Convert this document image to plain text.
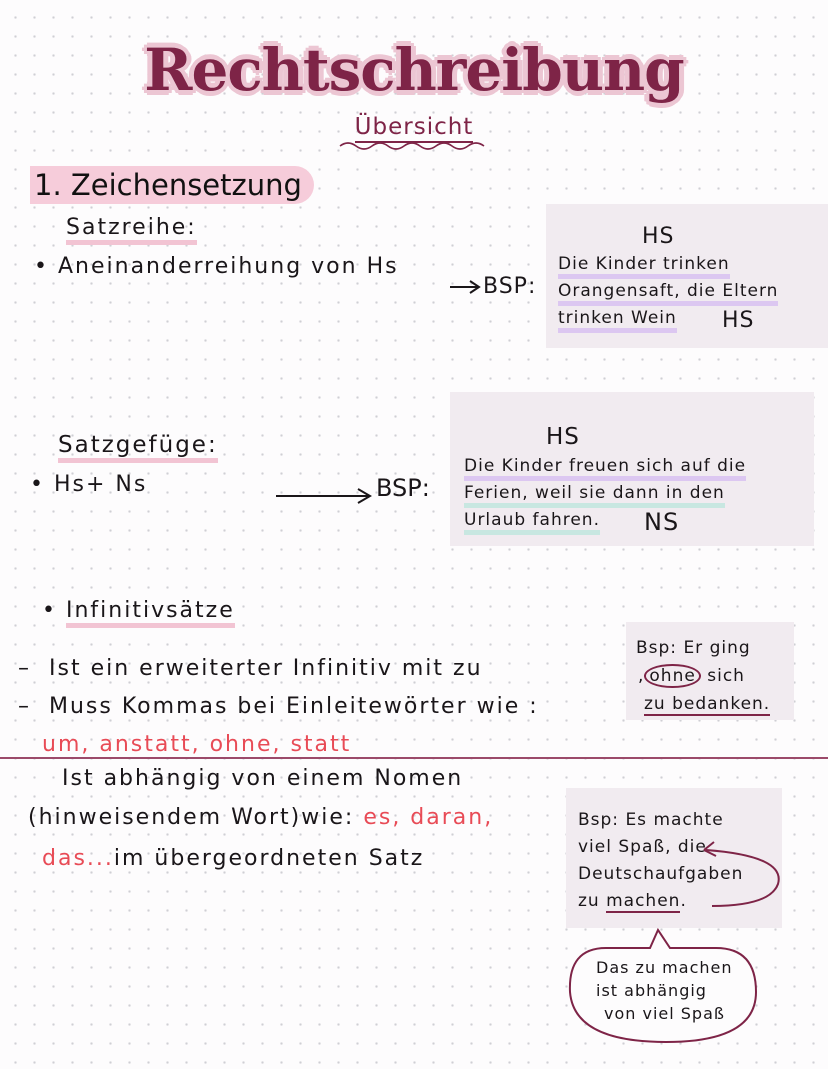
Rechtschreibung
Übersicht
1. Zeichensetzung
Satzreihe:
• Aneinanderreihung von Hs
BSP:
HS
Die Kinder trinken
Orangensaft, die Eltern
trinken Wein HS
Satzgefüge:
• Hs+ Ns	BSP:
HS
Die Kinder freuen sich auf die
Ferien, weil sie dann in den
Urlaub fahren. NS
• Infinitivsätze
–  Ist ein erweiterter Infinitiv mit zu
–  Muss Kommas bei Einleitewörter wie :
um, anstatt, ohne, statt
Bsp: Er ging
, ohne sich
zu bedanken.
Ist abhängig von einem Nomen
(hinweisendem Wort)wie: es, daran,
das...im übergeordneten Satz
Bsp: Es machte
viel Spaß, die
Deutschaufgaben
zu machen.
Das zu machen
ist abhängig
von viel Spaß
